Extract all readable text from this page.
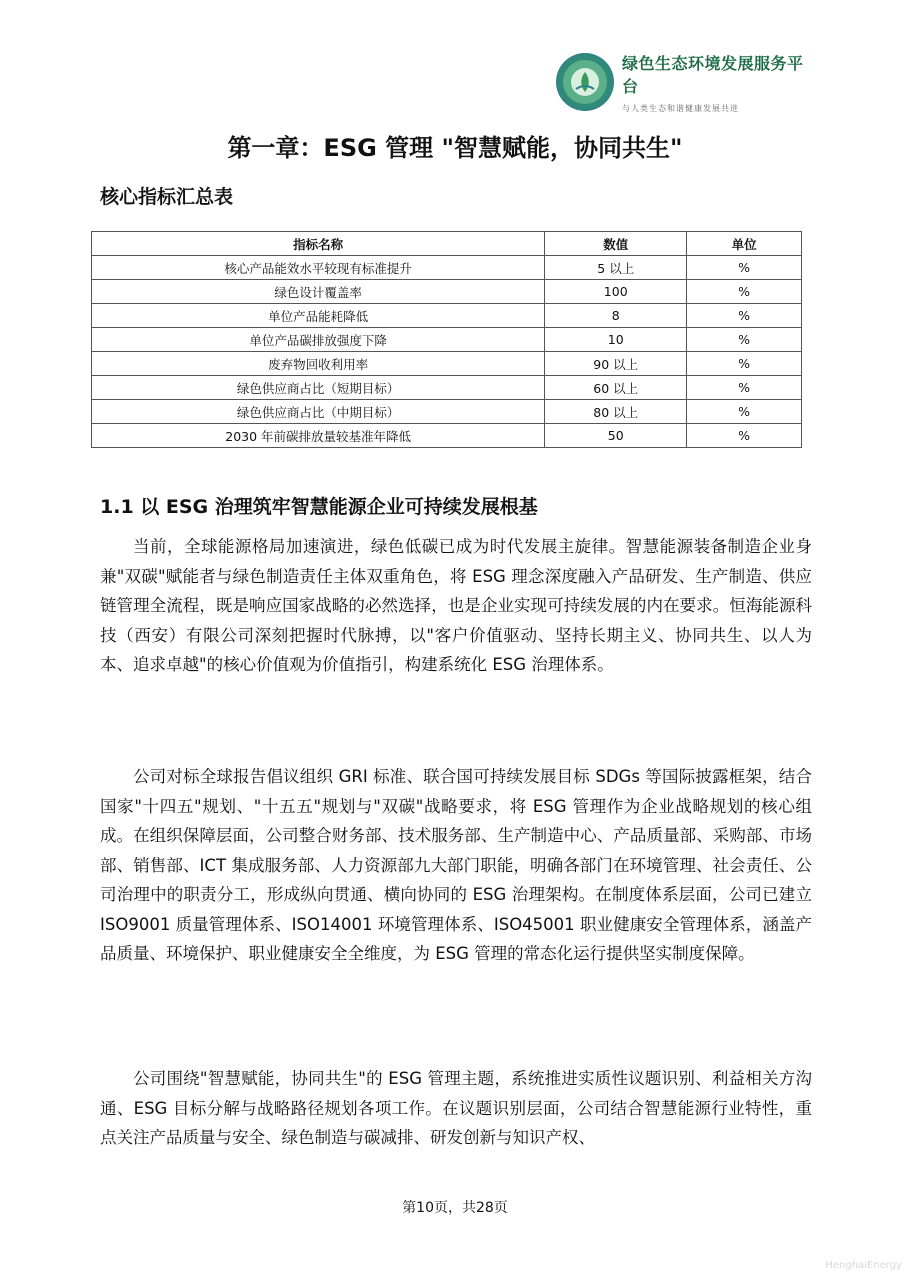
绿色生态环境发展服务平台
与人类生态和谐健康发展共进
第一章：ESG 管理 "智慧赋能，协同共生"
核心指标汇总表
指标名称	数值	单位
核心产品能效水平较现有标准提升	5 以上	%
绿色设计覆盖率	100	%
单位产品能耗降低	8	%
单位产品碳排放强度下降	10	%
废弃物回收利用率	90 以上	%
绿色供应商占比（短期目标）	60 以上	%
绿色供应商占比（中期目标）	80 以上	%
2030 年前碳排放量较基准年降低	50	%
1.1 以 ESG 治理筑牢智慧能源企业可持续发展根基

当前，全球能源格局加速演进，绿色低碳已成为时代发展主旋律。智慧能源装备制造企业身兼"双碳"赋能者与绿色制造责任主体双重角色，将 ESG 理念深度融入产品研发、生产制造、供应链管理全流程，既是响应国家战略的必然选择，也是企业实现可持续发展的内在要求。恒海能源科技（西安）有限公司深刻把握时代脉搏，以"客户价值驱动、坚持长期主义、协同共生、以人为本、追求卓越"的核心价值观为价值指引，构建系统化 ESG 治理体系。

公司对标全球报告倡议组织 GRI 标准、联合国可持续发展目标 SDGs 等国际披露框架，结合国家"十四五"规划、"十五五"规划与"双碳"战略要求，将 ESG 管理作为企业战略规划的核心组成。在组织保障层面，公司整合财务部、技术服务部、生产制造中心、产品质量部、采购部、市场部、销售部、ICT 集成服务部、人力资源部九大部门职能，明确各部门在环境管理、社会责任、公司治理中的职责分工，形成纵向贯通、横向协同的 ESG 治理架构。在制度体系层面，公司已建立 ISO9001 质量管理体系、ISO14001 环境管理体系、ISO45001 职业健康安全管理体系，涵盖产品质量、环境保护、职业健康安全全维度，为 ESG 管理的常态化运行提供坚实制度保障。

公司围绕"智慧赋能，协同共生"的 ESG 管理主题，系统推进实质性议题识别、利益相关方沟通、ESG 目标分解与战略路径规划各项工作。在议题识别层面，公司结合智慧能源行业特性，重点关注产品质量与安全、绿色制造与碳减排、研发创新与知识产权、

第10页，共28页
HenghaiEnergy
